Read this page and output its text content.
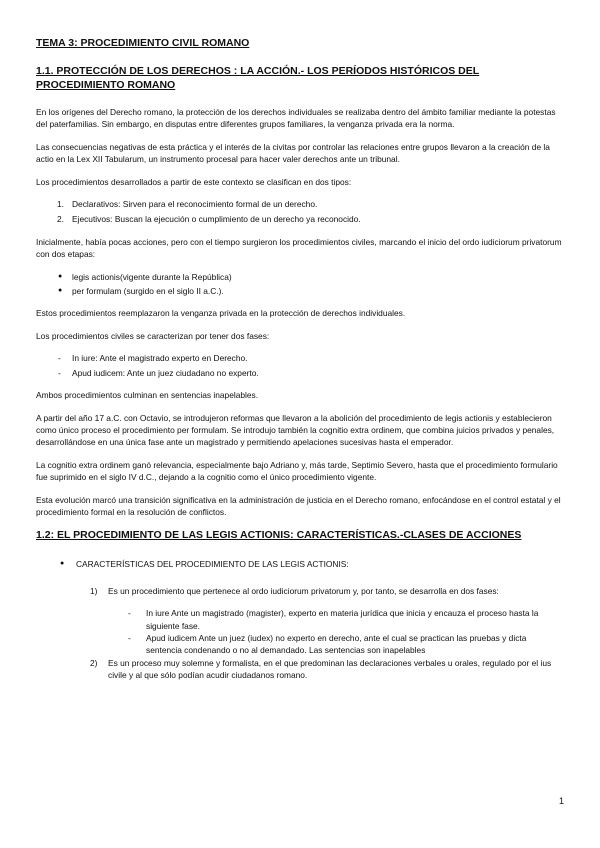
TEMA 3: PROCEDIMIENTO CIVIL ROMANO
1.1. PROTECCIÓN DE LOS DERECHOS : LA ACCIÓN.- LOS PERÍODOS HISTÓRICOS DEL PROCEDIMIENTO ROMANO

En los orígenes del Derecho romano, la protección de los derechos individuales se realizaba dentro del ámbito familiar mediante la potestas del paterfamilias. Sin embargo, en disputas entre diferentes grupos familiares, la venganza privada era la norma.

Las consecuencias negativas de esta práctica y el interés de la civitas por controlar las relaciones entre grupos llevaron a la creación de la actio en la Lex XII Tabularum, un instrumento procesal para hacer valer derechos ante un tribunal.

Los procedimientos desarrollados a partir de este contexto se clasifican en dos tipos:

1. Declarativos: Sirven para el reconocimiento formal de un derecho.
2. Ejecutivos: Buscan la ejecución o cumplimiento de un derecho ya reconocido.

Inicialmente, había pocas acciones, pero con el tiempo surgieron los procedimientos civiles, marcando el inicio del ordo iudiciorum privatorum con dos etapas:

● legis actionis(vigente durante la República)
● per formulam (surgido en el siglo II a.C.).

Estos procedimientos reemplazaron la venganza privada en la protección de derechos individuales.

Los procedimientos civiles se caracterizan por tener dos fases:

- In iure: Ante el magistrado experto en Derecho.
- Apud iudicem: Ante un juez ciudadano no experto.

Ambos procedimientos culminan en sentencias inapelables.

A partir del año 17 a.C. con Octavio, se introdujeron reformas que llevaron a la abolición del procedimiento de legis actionis y establecieron como único proceso el procedimiento per formulam. Se introdujo también la cognitio extra ordinem, que combina juicios privados y penales, desarrollándose en una única fase ante un magistrado y permitiendo apelaciones sucesivas hasta el emperador.

La cognitio extra ordinem ganó relevancia, especialmente bajo Adriano y, más tarde, Septimio Severo, hasta que el procedimiento formulario fue suprimido en el siglo IV d.C., dejando a la cognitio como el único procedimiento vigente.

Esta evolución marcó una transición significativa en la administración de justicia en el Derecho romano, enfocándose en el control estatal y el procedimiento formal en la resolución de conflictos.

1.2: EL PROCEDIMIENTO DE LAS LEGIS ACTIONIS: CARACTERÍSTICAS.-CLASES DE ACCIONES
● CARACTERÍSTICAS DEL PROCEDIMIENTO DE LAS LEGIS ACTIONIS:
1) Es un procedimiento que pertenece al ordo iudiciorum privatorum y, por tanto, se desarrolla en dos fases:
- In iure Ante un magistrado (magister), experto en materia jurídica que inicia y encauza el proceso hasta la siguiente fase.
- Apud iudicem Ante un juez (iudex) no experto en derecho, ante el cual se practican las pruebas y dicta sentencia condenando o no al demandado. Las sentencias son inapelables
2) Es un proceso muy solemne y formalista, en el que predominan las declaraciones verbales u orales, regulado por el ius civile y al que sólo podían acudir ciudadanos romano.
1
